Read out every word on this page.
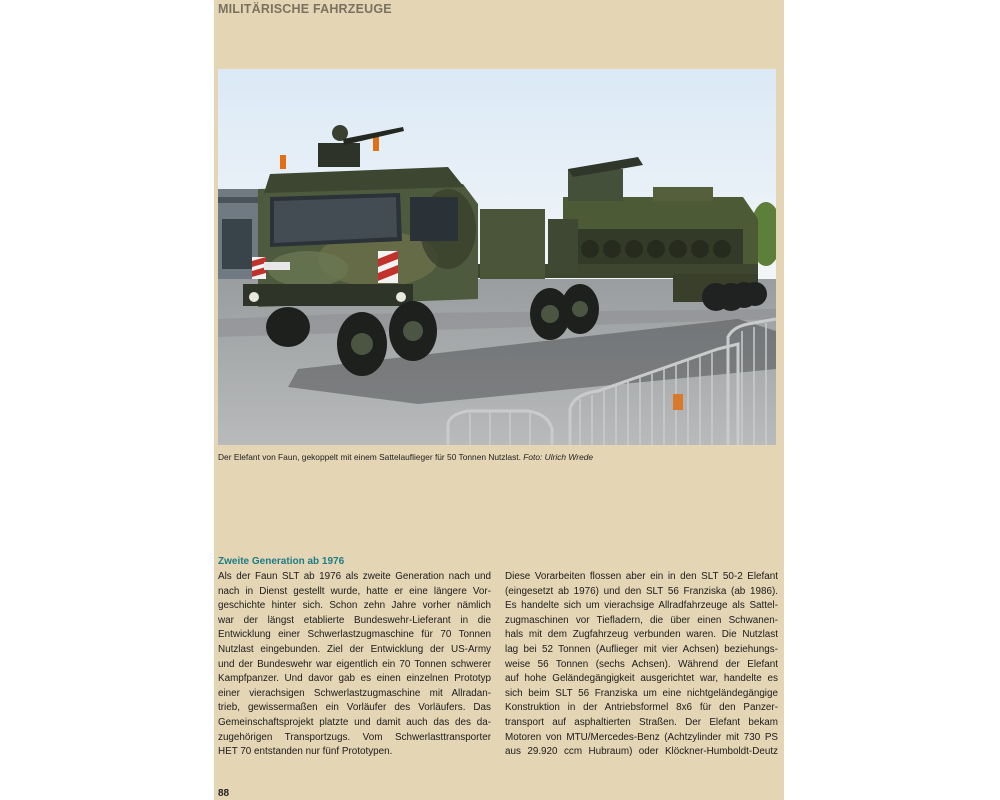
MILITÄRISCHE FAHRZEUGE

Der Elefant von Faun, gekoppelt mit einem Sattelauflieger für 50 Tonnen Nutzlast. Foto: Ulrich Wrede

Zweite Generation ab 1976
Als der Faun SLT ab 1976 als zweite Generation nach und
nach in Dienst gestellt wurde, hatte er eine längere Vor-
geschichte hinter sich. Schon zehn Jahre vorher nämlich
war der längst etablierte Bundeswehr-Lieferant in die
Entwicklung einer Schwerlastzugmaschine für 70 Tonnen
Nutzlast eingebunden. Ziel der Entwicklung der US-Army
und der Bundeswehr war eigentlich ein 70 Tonnen schwerer
Kampfpanzer. Und davor gab es einen einzelnen Prototyp
einer vierachsigen Schwerlastzugmaschine mit Allradan-
trieb, gewissermaßen ein Vorläufer des Vorläufers. Das
Gemeinschaftsprojekt platzte und damit auch das des da-
zugehörigen Transportzugs. Vom Schwerlasttransporter
HET 70 entstanden nur fünf Prototypen.
Diese Vorarbeiten flossen aber ein in den SLT 50-2 Elefant
(eingesetzt ab 1976) und den SLT 56 Franziska (ab 1986).
Es handelte sich um vierachsige Allradfahrzeuge als Sattel-
zugmaschinen vor Tiefladern, die über einen Schwanen-
hals mit dem Zugfahrzeug verbunden waren. Die Nutzlast
lag bei 52 Tonnen (Auflieger mit vier Achsen) beziehungs-
weise 56 Tonnen (sechs Achsen). Während der Elefant
auf hohe Geländegängigkeit ausgerichtet war, handelte es
sich beim SLT 56 Franziska um eine nichtgeländegängige
Konstruktion in der Antriebsformel 8x6 für den Panzer-
transport auf asphaltierten Straßen. Der Elefant bekam
Motoren von MTU/Mercedes-Benz (Achtzylinder mit 730 PS
aus 29.920 ccm Hubraum) oder Klöckner-Humboldt-Deutz

88
